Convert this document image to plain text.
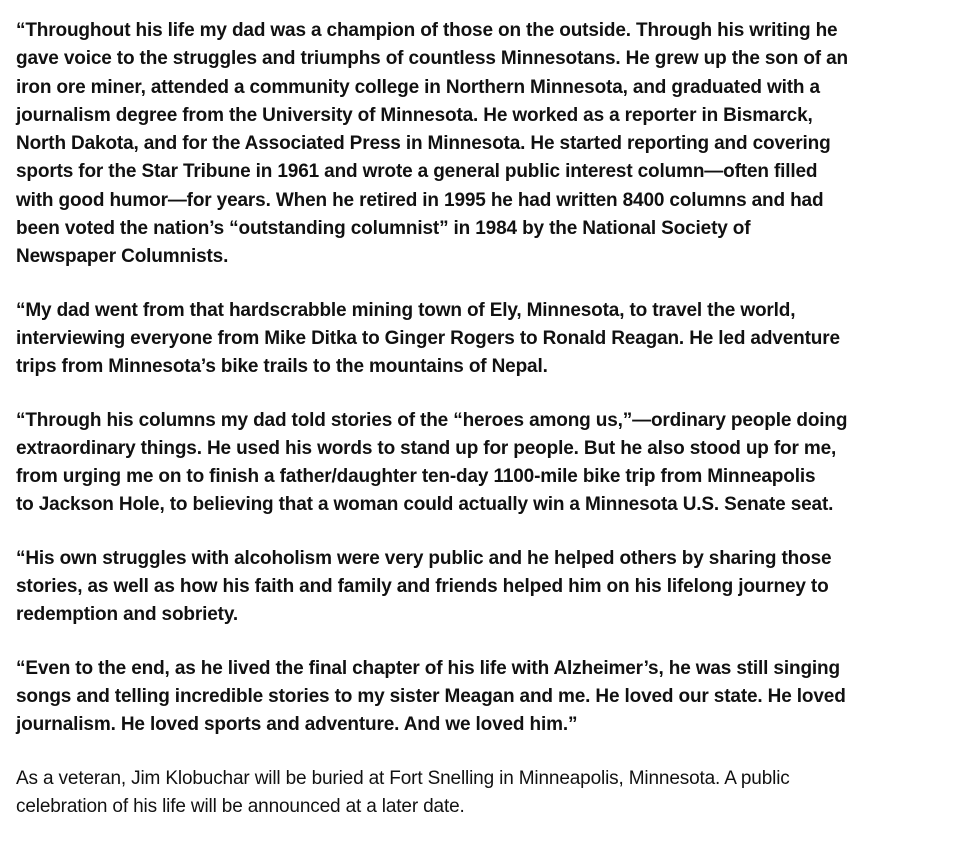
“Throughout his life my dad was a champion of those on the outside. Through his writing he
gave voice to the struggles and triumphs of countless Minnesotans. He grew up the son of an
iron ore miner, attended a community college in Northern Minnesota, and graduated with a
journalism degree from the University of Minnesota. He worked as a reporter in Bismarck,
North Dakota, and for the Associated Press in Minnesota. He started reporting and covering
sports for the Star Tribune in 1961 and wrote a general public interest column—often filled
with good humor—for years. When he retired in 1995 he had written 8400 columns and had
been voted the nation’s “outstanding columnist” in 1984 by the National Society of
Newspaper Columnists.

“My dad went from that hardscrabble mining town of Ely, Minnesota, to travel the world,
interviewing everyone from Mike Ditka to Ginger Rogers to Ronald Reagan. He led adventure
trips from Minnesota’s bike trails to the mountains of Nepal.

“Through his columns my dad told stories of the “heroes among us,”—ordinary people doing
extraordinary things. He used his words to stand up for people. But he also stood up for me,
from urging me on to finish a father/daughter ten-day 1100-mile bike trip from Minneapolis
to Jackson Hole, to believing that a woman could actually win a Minnesota U.S. Senate seat.

“His own struggles with alcoholism were very public and he helped others by sharing those
stories, as well as how his faith and family and friends helped him on his lifelong journey to
redemption and sobriety.

“Even to the end, as he lived the final chapter of his life with Alzheimer’s, he was still singing
songs and telling incredible stories to my sister Meagan and me. He loved our state. He loved
journalism. He loved sports and adventure. And we loved him.”

As a veteran, Jim Klobuchar will be buried at Fort Snelling in Minneapolis, Minnesota. A public
celebration of his life will be announced at a later date.
